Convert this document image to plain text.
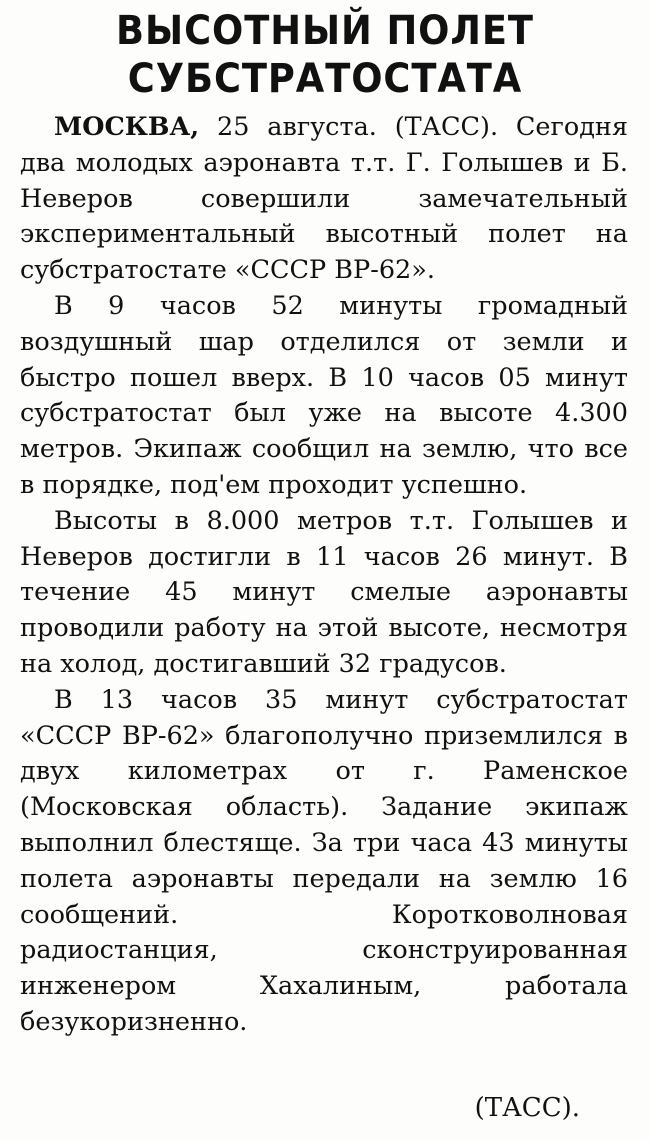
ВЫСОТНЫЙ ПОЛЕТ
СУБСТРАТОСТАТА

МОСКВА, 25 августа. (ТАСС). Сегодня два молодых аэронавта т.т. Г. Голышев и Б. Неверов совершили замечательный экспериментальный высотный полет на субстратостате «СССР ВР-62».

В 9 часов 52 минуты громадный воздушный шар отделился от земли и быстро пошел вверх. В 10 часов 05 минут субстратостат был уже на высоте 4.300 метров. Экипаж сообщил на землю, что все в порядке, под'ем проходит успешно.

Высоты в 8.000 метров т.т. Голышев и Неверов достигли в 11 часов 26 минут. В течение 45 минут смелые аэронавты проводили работу на этой высоте, несмотря на холод, достигавший 32 градусов.

В 13 часов 35 минут субстратостат «СССР ВР-62» благополучно приземлился в двух километрах от г. Раменское (Московская область). Задание экипаж выполнил блестяще. За три часа 43 минуты полета аэронавты передали на землю 16 сообщений. Коротковолновая радиостанция, сконструированная инженером Хахалиным, работала безукоризненно.

(ТАСС).
